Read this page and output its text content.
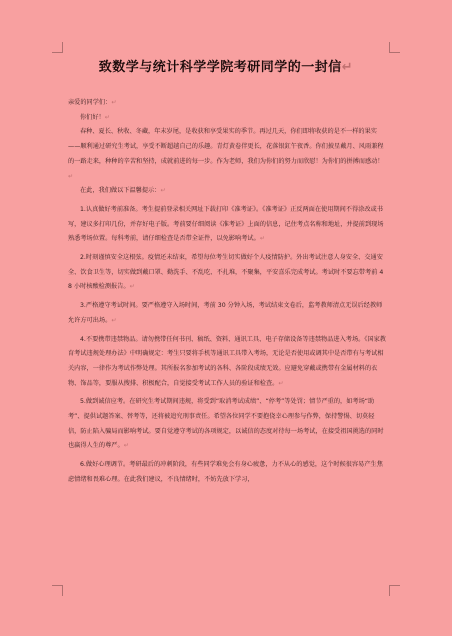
致数学与统计科学学院考研同学的一封信↵

亲爱的同学们：↵

你们好！↵

春种、夏长、秋收、冬藏，年末岁尾，是收获和享受果实的季节。再过几天，你们即将收获的是不一样的果实——顺利通过研究生考试，享受不断超越自己的乐趣。青灯黄卷伴更长，花落银釭午夜香。你们披星戴月、风雨兼程的一路走来，种种的辛苦和坚持，成就前进的每一步。作为老师，我们为你们的努力而欣慰！为你们的拼搏而感动！↵

在此，我们做以下温馨提示：↵

1.认真做好考前准备。考生提前登录相关网址下载打印《准考证》。《准考证》正反两面在使用期间不得涂改或书写，建议多打印几份，并存好电子版。考前要仔细阅读《准考证》上面的信息，记住考点名称和地址，并提前到现场熟悉考场位置。每科考前，请仔细检查是否带全证件，以免影响考试。↵

2.时刻谨慎安全这根弦。疫情还未结束，希望每位考生切实做好个人疫情防护。外出考试注意人身安全、交通安全、饮食卫生等，切实做到戴口罩、勤洗手、不乱吃、不扎堆，不聚集，平安喜乐完成考试。考试时不要忘带考前 48 小时核酸检测报告。↵

3.严格遵守考试时间。要严格遵守入场时间，考前 30 分钟入场，考试结束文卷后，监考教师清点无误后经教师允许方可出场。↵

4.不要携带违禁物品。请勿携带任何书刊、稿纸、资料、通讯工具、电子存储设备等违禁物品进入考场。《国家教育考试违规处理办法》中明确规定：考生只要将手机等通讯工具带入考场，无论是否使用或调其中是否带有与考试相关内容，一律作为考试作弊处理。其所报名参加考试的各科、各阶段成绩无效。应避免穿戴或携带有金属材料的衣物、饰品等，要服从搜排、积极配合，自觉接受考试工作人员的验证和检查。↵

5.做到诚信应考。在研究生考试期间违规，将受到“取消考试成绩”、“停考”等处罚；情节严重的，如考场“助考”、提供试题答案、替考等，还将被追究刑事责任。希望各位同学不要抱侥幸心理参与作弊，保持警惕、切莫轻信，防止陷入骗局而影响考试。要自觉遵守考试的各项规定，以诚信的态度对待每一场考试，在接受祖国挑选的同时也赢得人生的尊严。↵

6.做好心理调节。考研最后的冲刺阶段，有些同学难免会有身心疲惫，力不从心的感觉，这个时候很容易产生焦虑情绪和畏难心理。在此我们建议，不良情绪时，不妨先放下学习，
